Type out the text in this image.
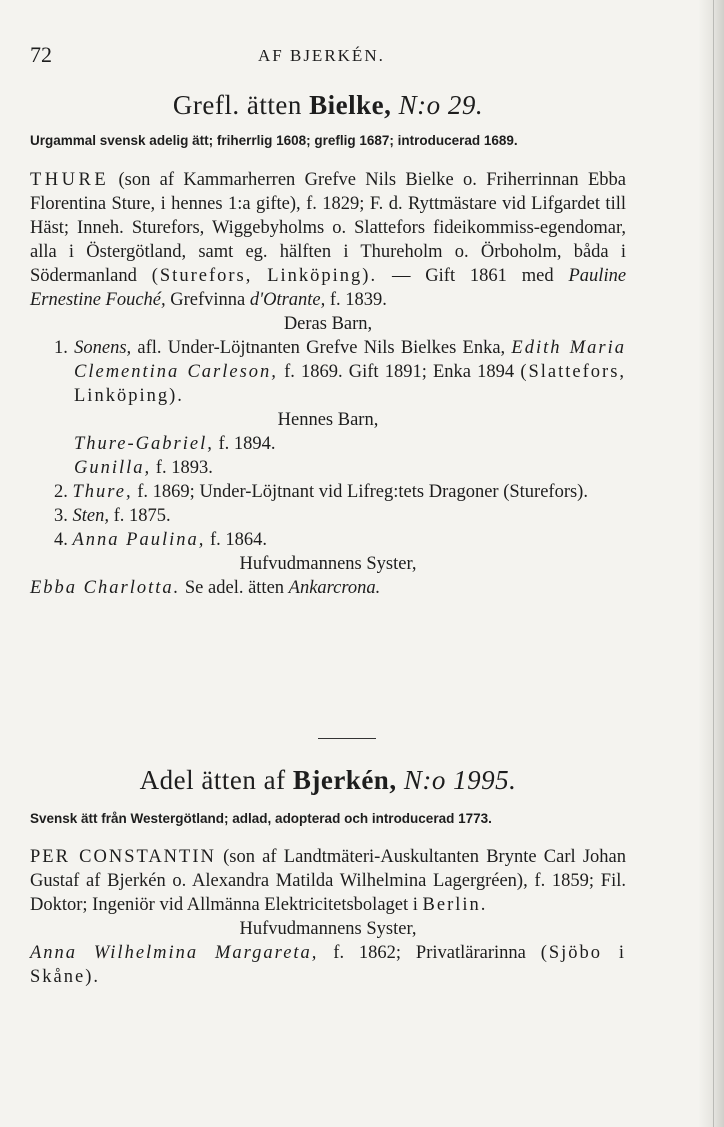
72	AF BJERKÉN.
Grefl. ätten Bielke, N:o 29.
Urgammal svensk adelig ätt; friherrlig 1608; greflig 1687; introducerad 1689.
THURE (son af Kammarherren Grefve Nils Bielke o. Friherrinnan Ebba Florentina Sture, i hennes 1:a gifte), f. 1829; F. d. Ryttmästare vid Lifgardet till Häst; Inneh. Sturefors, Wiggebyholms o. Slattefors fideikommiss-egendomar, alla i Östergötland, samt eg. hälften i Thureholm o. Örboholm, båda i Södermanland (Sturefors, Linköping). — Gift 1861 med Pauline Ernestine Fouché, Grefvinna d'Otrante, f. 1839.
Deras Barn,
1. Sonens, afl. Under-Löjtnanten Grefve Nils Bielkes Enka, Edith Maria Clementina Carleson, f. 1869. Gift 1891; Enka 1894 (Slattefors, Linköping).
Hennes Barn,
Thure-Gabriel, f. 1894.
Gunilla, f. 1893.
2. Thure, f. 1869; Under-Löjtnant vid Lifreg:tets Dragoner (Sturefors).
3. Sten, f. 1875.
4. Anna Paulina, f. 1864.
Hufvudmannens Syster,
Ebba Charlotta. Se adel. ätten Ankarcrona.
Adel ätten af Bjerkén, N:o 1995.
Svensk ätt från Westergötland; adlad, adopterad och introducerad 1773.
PER CONSTANTIN (son af Landtmäteri-Auskultanten Brynte Carl Johan Gustaf af Bjerkén o. Alexandra Matilda Wilhelmina Lagergréen), f. 1859; Fil. Doktor; Ingeniör vid Allmänna Elektricitetsbolaget i Berlin.
Hufvudmannens Syster,
Anna Wilhelmina Margareta, f. 1862; Privatlärarinna (Sjöbo i Skåne).
